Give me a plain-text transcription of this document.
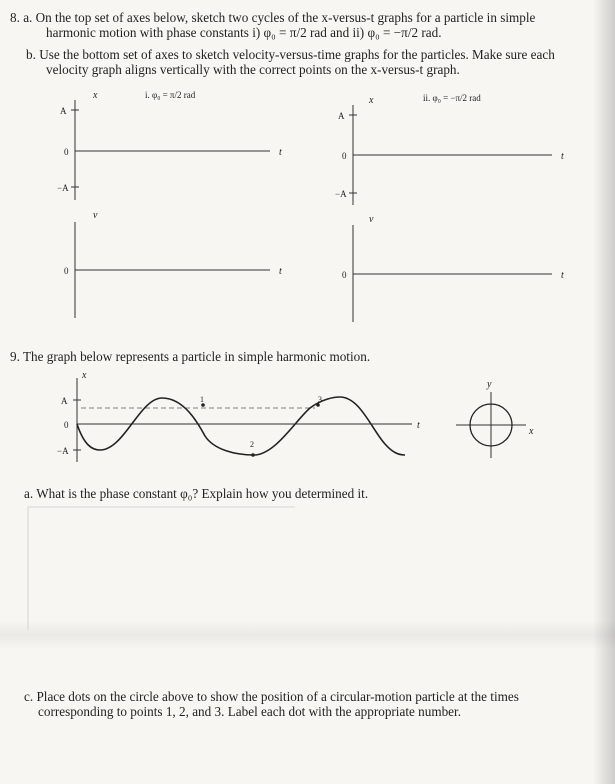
8. a. On the top set of axes below, sketch two cycles of the x-versus-t graphs for a particle in simple
harmonic motion with phase constants i) φ₀ = π/2 rad and ii) φ₀ = −π/2 rad.
b. Use the bottom set of axes to sketch velocity-versus-time graphs for the particles. Make sure each
velocity graph aligns vertically with the correct points on the x-versus-t graph.
x
A
0
−A
t
i. φ₀ = π/2 rad
v
0	t
x
A
0
−A
t
ii. φ₀ = −π/2 rad
v
0	t
1
2
3
x
A
0
−A
t
y
x
9. The graph below represents a particle in simple harmonic motion.
a. What is the phase constant φ₀? Explain how you determined it.
c. Place dots on the circle above to show the position of a circular-motion particle at the times
corresponding to points 1, 2, and 3. Label each dot with the appropriate number.
